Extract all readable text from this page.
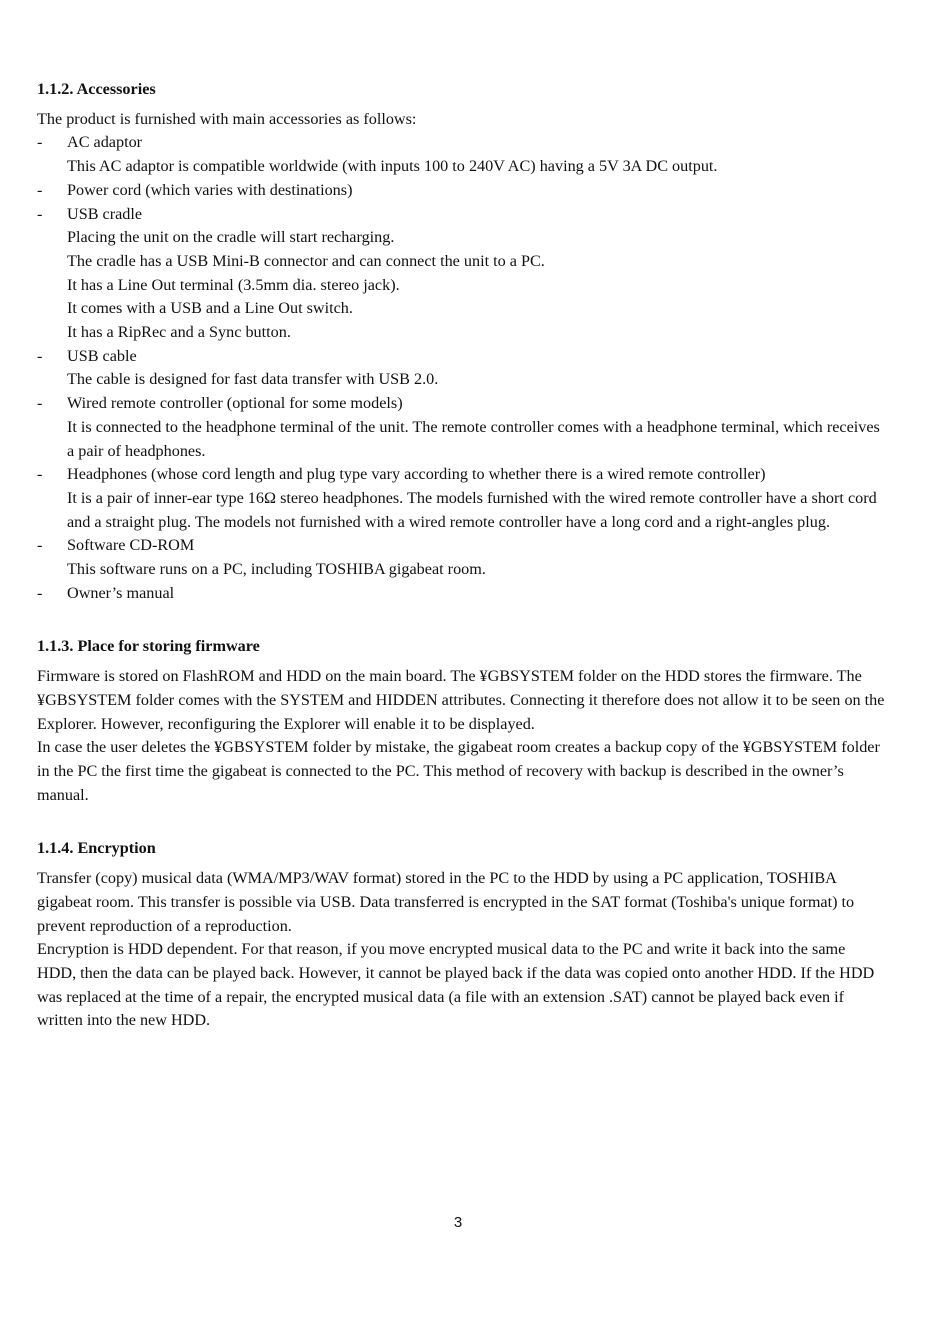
1.1.2. Accessories

The product is furnished with main accessories as follows:

- AC adaptor
This AC adaptor is compatible worldwide (with inputs 100 to 240V AC) having a 5V 3A DC output.
- Power cord (which varies with destinations)
- USB cradle
Placing the unit on the cradle will start recharging.
The cradle has a USB Mini-B connector and can connect the unit to a PC.
It has a Line Out terminal (3.5mm dia. stereo jack).
It comes with a USB and a Line Out switch.
It has a RipRec and a Sync button.
- USB cable
The cable is designed for fast data transfer with USB 2.0.
- Wired remote controller (optional for some models)
It is connected to the headphone terminal of the unit. The remote controller comes with a headphone terminal, which receives a pair of headphones.
- Headphones (whose cord length and plug type vary according to whether there is a wired remote controller)
It is a pair of inner-ear type 16Ω stereo headphones. The models furnished with the wired remote controller have a short cord and a straight plug. The models not furnished with a wired remote controller have a long cord and a right-angles plug.
- Software CD-ROM
This software runs on a PC, including TOSHIBA gigabeat room.
- Owner’s manual
1.1.3. Place for storing firmware

Firmware is stored on FlashROM and HDD on the main board. The ¥GBSYSTEM folder on the HDD stores the firmware. The ¥GBSYSTEM folder comes with the SYSTEM and HIDDEN attributes. Connecting it therefore does not allow it to be seen on the Explorer. However, reconfiguring the Explorer will enable it to be displayed.

In case the user deletes the ¥GBSYSTEM folder by mistake, the gigabeat room creates a backup copy of the ¥GBSYSTEM folder in the PC the first time the gigabeat is connected to the PC. This method of recovery with backup is described in the owner’s manual.

1.1.4. Encryption

Transfer (copy) musical data (WMA/MP3/WAV format) stored in the PC to the HDD by using a PC application, TOSHIBA gigabeat room. This transfer is possible via USB. Data transferred is encrypted in the SAT format (Toshiba's unique format) to prevent reproduction of a reproduction.

Encryption is HDD dependent. For that reason, if you move encrypted musical data to the PC and write it back into the same HDD, then the data can be played back. However, it cannot be played back if the data was copied onto another HDD. If the HDD was replaced at the time of a repair, the encrypted musical data (a file with an extension .SAT) cannot be played back even if written into the new HDD.

3
